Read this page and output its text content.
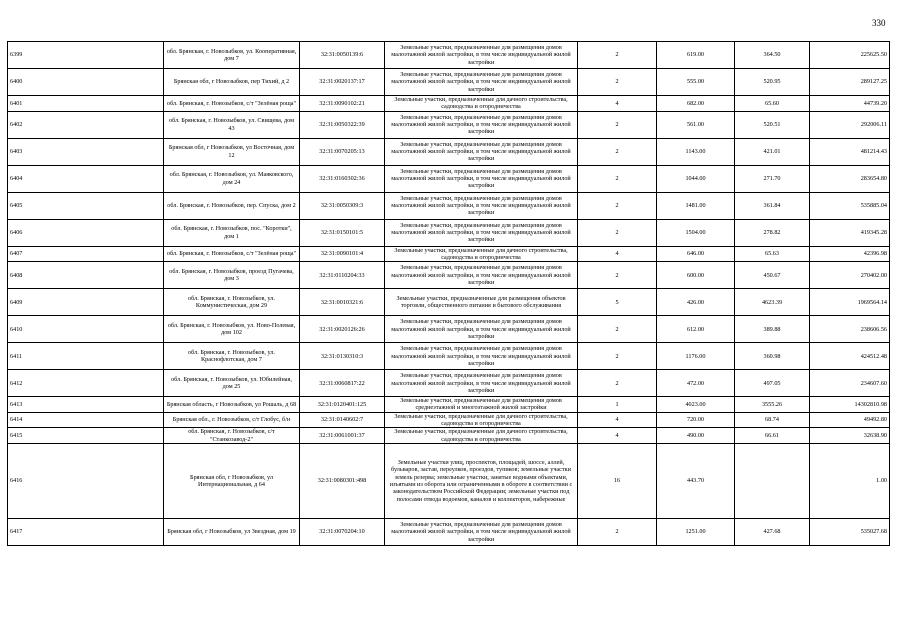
330
6399	обл. Брянская, г. Новозыбков, ул. Кооперативная, дом 7	32:31:0050139:6	Земельные участки, предназначенные для размещения домов малоэтажной жилой застройки, в том числе индивидуальной жилой застройки	2	619.00	364.50	225625.50
6400	Брянская обл, г Новозыбков, пер Тихий, д 2	32:31:0020137:17	Земельные участки, предназначенные для размещения домов малоэтажной жилой застройки, в том числе индивидуальной жилой застройки	2	555.00	520.95	289127.25
6401	обл. Брянская, г. Новозыбков, с/т "Зелёная роща"	32:31:0090102:21	Земельные участки, предназначенные для дачного строительства, садоводства и огородничества	4	682.00	65.60	44739.20
6402	обл. Брянская, г. Новозыбков, ул. Свищева, дом 43	32:31:0050322:39	Земельные участки, предназначенные для размещения домов малоэтажной жилой застройки, в том числе индивидуальной жилой застройки	2	561.00	520.51	292006.11
6403	Брянская обл, г Новозыбков, ул Восточная, дом 12	32:31:0070205:13	Земельные участки, предназначенные для размещения домов малоэтажной жилой застройки, в том числе индивидуальной жилой застройки	2	1143.00	421.01	481214.43
6404	обл. Брянская, г. Новозыбков, ул. Маяковского, дом 24	32:31:0160302:36	Земельные участки, предназначенные для размещения домов малоэтажной жилой застройки, в том числе индивидуальной жилой застройки	2	1044.00	271.70	283654.80
6405	обл. Брянская, г. Новозыбков, пер. Спуска, дом 2	32:31:0050309:3	Земельные участки, предназначенные для размещения домов малоэтажной жилой застройки, в том числе индивидуальной жилой застройки	2	1481.00	361.84	535885.04
6406	обл. Брянская, г. Новозыбков, пос. "Коротки", дом 1	32:31:0150101:5	Земельные участки, предназначенные для размещения домов малоэтажной жилой застройки, в том числе индивидуальной жилой застройки	2	1504.00	278.82	419345.28
6407	обл. Брянская, г. Новозыбков, с/т "Зелёная роща"	32:31:0090101:4	Земельные участки, предназначенные для дачного строительства, садоводства и огородничества	4	646.00	65.63	42396.98
6408	обл. Брянская, г. Новозыбков, проезд Пугачева, дом 3	32:31:0110204:33	Земельные участки, предназначенные для размещения домов малоэтажной жилой застройки, в том числе индивидуальной жилой застройки	2	600.00	450.67	270402.00
6409	обл. Брянская, г. Новозыбков, ул. Коммунистическая, дом 29	32:31:0010321:6	Земельные участки, предназначенные для размещения объектов торговли, общественного питания и бытового обслуживания	5	426.00	4623.39	1969564.14
6410	обл. Брянская, г. Новозыбков, ул. Ново-Полевая, дом 102	32:31:0020126:26	Земельные участки, предназначенные для размещения домов малоэтажной жилой застройки, в том числе индивидуальной жилой застройки	2	612.00	389.88	238606.56
6411	обл. Брянская, г. Новозыбков, ул. Краснофлотская, дом 7	32:31:0130310:3	Земельные участки, предназначенные для размещения домов малоэтажной жилой застройки, в том числе индивидуальной жилой застройки	2	1176.00	360.98	424512.48
6412	обл. Брянская, г. Новозыбков, ул. Юбилейная, дом 25	32:31:0060817:22	Земельные участки, предназначенные для размещения домов малоэтажной жилой застройки, в том числе индивидуальной жилой застройки	2	472.00	497.05	234607.60
6413	Брянская область, г Новозыбков, ул Рошаль, д 68	32:31:0120401:125	Земельные участки, предназначенные для размещения домов среднеэтажной и многоэтажной жилой застройки	1	4023.00	3555.26	14302810.98
6414	Брянская обл., г. Новозыбков, с/т Глобус, б/н	32:31:0140602:7	Земельные участки, предназначенные для дачного строительства, садоводства и огородничества	4	720.00	68.74	49492.80
6415	обл. Брянская, г. Новозыбков, с/т "Станкозавод-2"	32:31:0061001:37	Земельные участки, предназначенные для дачного строительства, садоводства и огородничества	4	490.00	66.61	32638.90
6416	Брянская обл, г Новозыбков, ул Интернациональная, д 64	32:31:0080301:498	Земельные участки улиц, проспектов, площадей, шоссе, аллей, бульваров, застав, переулков, проездов, тупиков; земельные участки земель резерва; земельные участки, занятые водными объектами, изъятыми из оборота или ограниченными в обороте в соответствии с законодательством Российской Федерации; земельные участки под полосами отвода водоемов, каналов и коллекторов, набережные	16	443.70		1.00
6417	Брянская обл, г Новозыбков, ул Звездная, дом 19	32:31:0070204:10	Земельные участки, предназначенные для размещения домов малоэтажной жилой застройки, в том числе индивидуальной жилой застройки	2	1251.00	427.68	535027.68
